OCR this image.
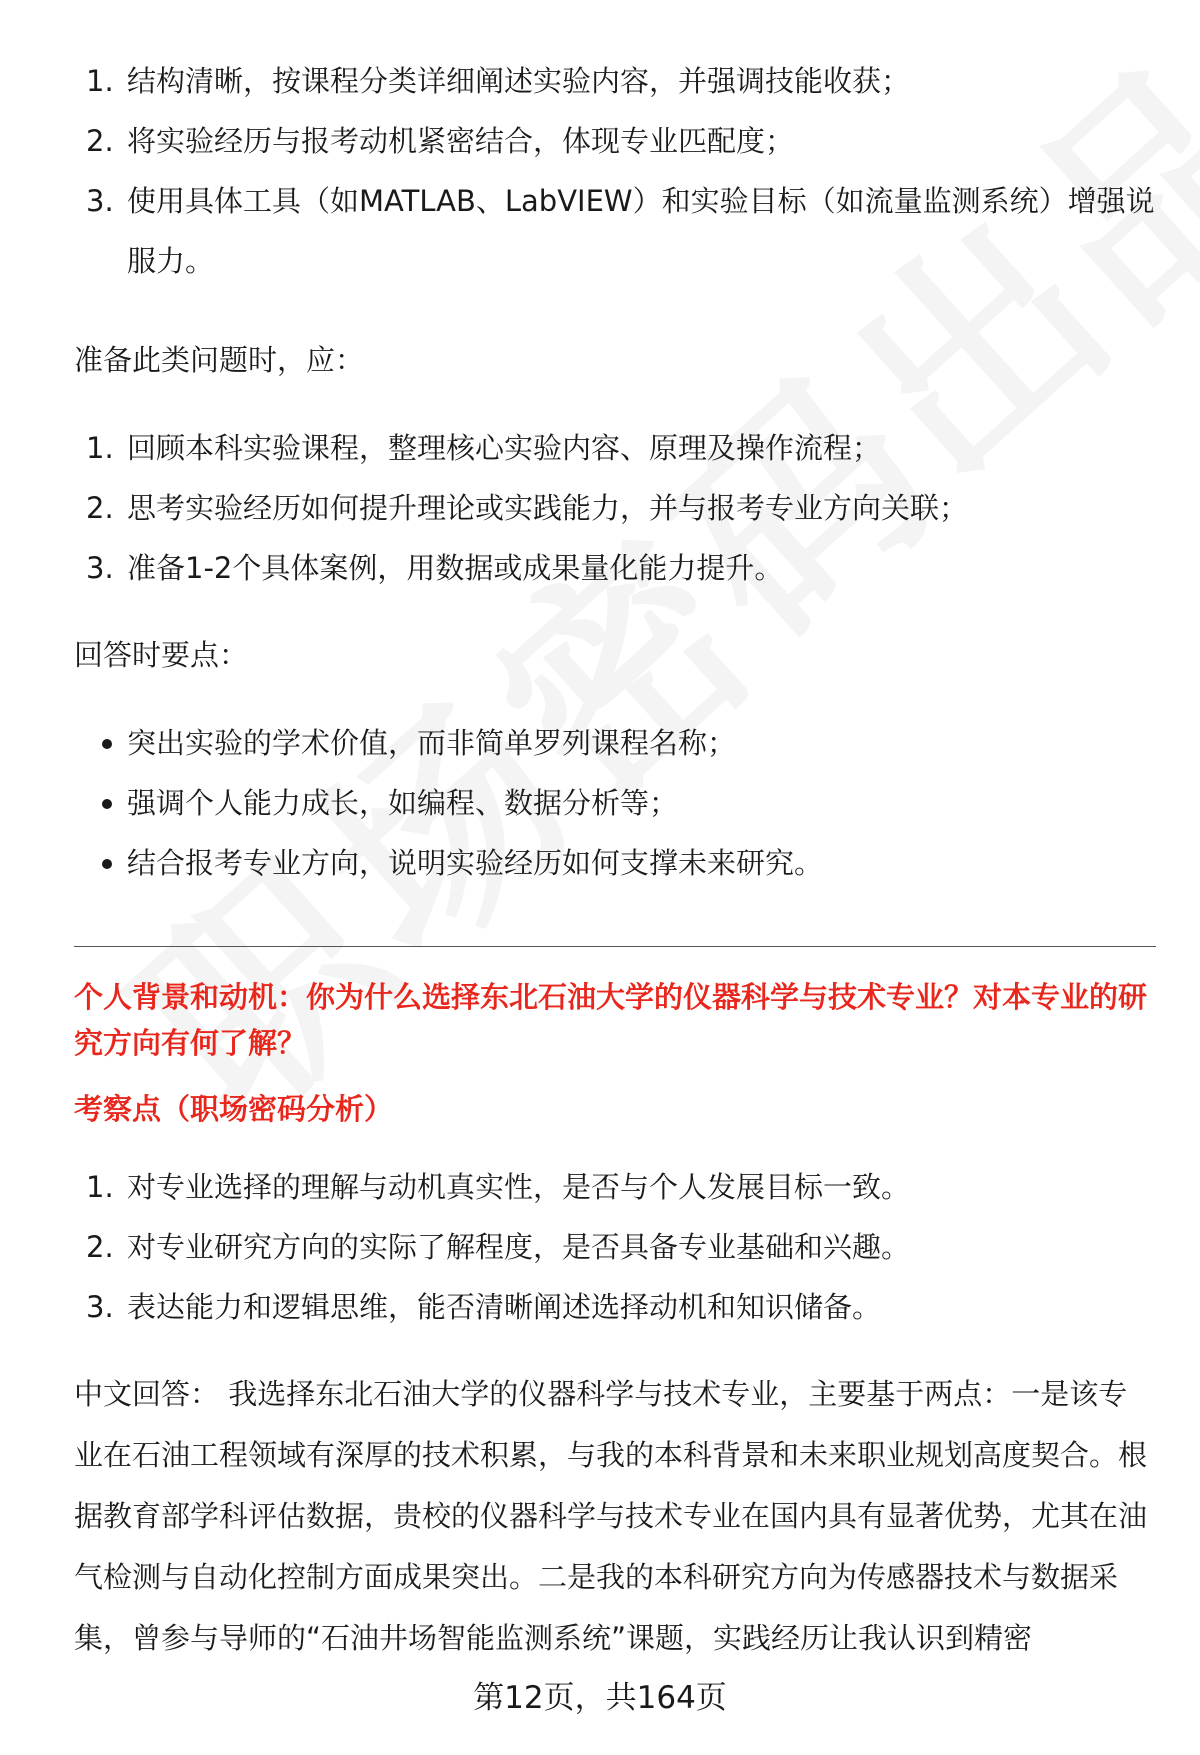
1. 结构清晰，按课程分类详细阐述实验内容，并强调技能收获；
2. 将实验经历与报考动机紧密结合，体现专业匹配度；
3. 使用具体工具（如MATLAB、LabVIEW）和实验目标（如流量监测系统）增强说服力。
准备此类问题时，应：
1. 回顾本科实验课程，整理核心实验内容、原理及操作流程；
2. 思考实验经历如何提升理论或实践能力，并与报考专业方向关联；
3. 准备1-2个具体案例，用数据或成果量化能力提升。
回答时要点：
突出实验的学术价值，而非简单罗列课程名称；
强调个人能力成长，如编程、数据分析等；
结合报考专业方向，说明实验经历如何支撑未来研究。
个人背景和动机：你为什么选择东北石油大学的仪器科学与技术专业？对本专业的研究方向有何了解？
考察点（职场密码分析）
1. 对专业选择的理解与动机真实性，是否与个人发展目标一致。
2. 对专业研究方向的实际了解程度，是否具备专业基础和兴趣。
3. 表达能力和逻辑思维，能否清晰阐述选择动机和知识储备。
中文回答： 我选择东北石油大学的仪器科学与技术专业，主要基于两点：一是该专业在石油工程领域有深厚的技术积累，与我的本科背景和未来职业规划高度契合。根据教育部学科评估数据，贵校的仪器科学与技术专业在国内具有显著优势，尤其在油气检测与自动化控制方面成果突出。二是我的本科研究方向为传感器技术与数据采集，曾参与导师的“石油井场智能监测系统”课题，实践经历让我认识到精密
第12页，共164页
